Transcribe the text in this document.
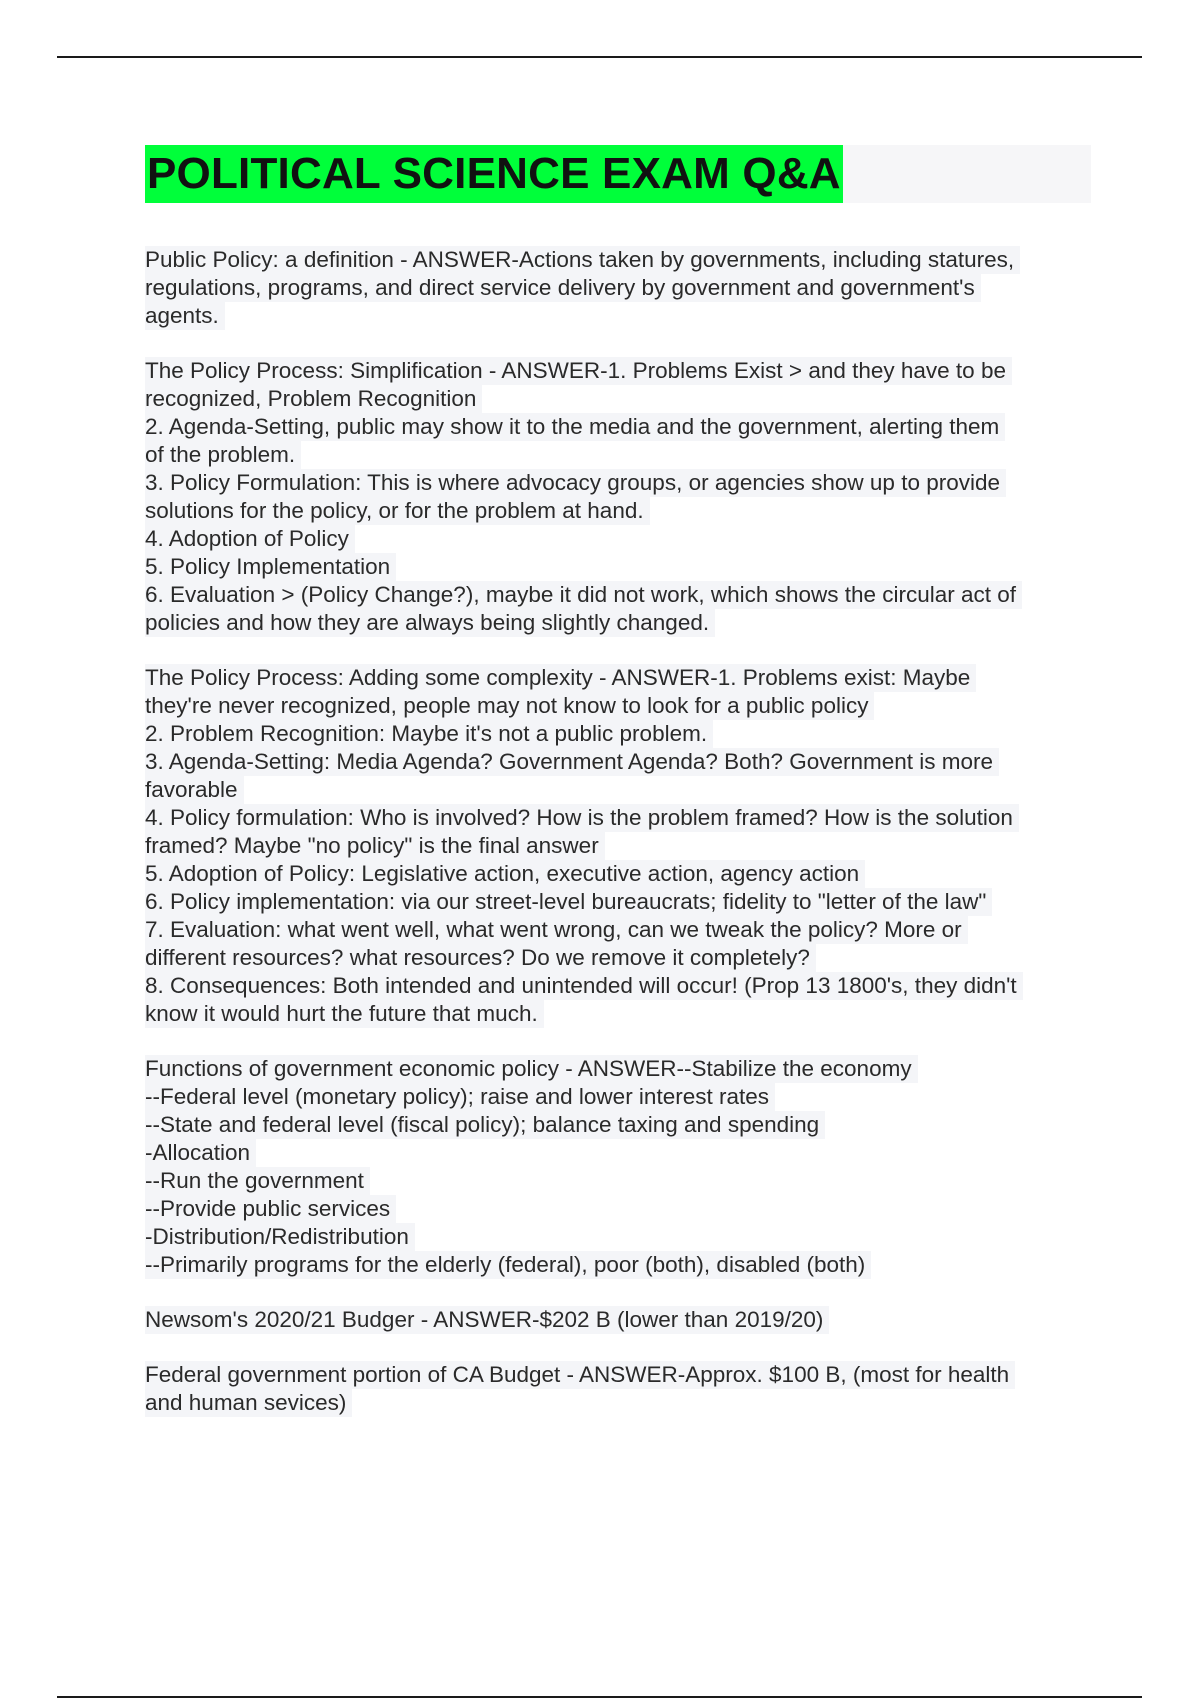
POLITICAL SCIENCE EXAM Q&A
Public Policy: a definition - ANSWER-Actions taken by governments, including statures,
regulations, programs, and direct service delivery by government and government's
agents.
The Policy Process: Simplification - ANSWER-1. Problems Exist > and they have to be
recognized, Problem Recognition
2. Agenda-Setting, public may show it to the media and the government, alerting them
of the problem.
3. Policy Formulation: This is where advocacy groups, or agencies show up to provide
solutions for the policy, or for the problem at hand.
4. Adoption of Policy
5. Policy Implementation
6. Evaluation > (Policy Change?), maybe it did not work, which shows the circular act of
policies and how they are always being slightly changed.
The Policy Process: Adding some complexity - ANSWER-1. Problems exist: Maybe
they're never recognized, people may not know to look for a public policy
2. Problem Recognition: Maybe it's not a public problem.
3. Agenda-Setting: Media Agenda? Government Agenda? Both? Government is more
favorable
4. Policy formulation: Who is involved? How is the problem framed? How is the solution
framed? Maybe "no policy" is the final answer
5. Adoption of Policy: Legislative action, executive action, agency action
6. Policy implementation: via our street-level bureaucrats; fidelity to "letter of the law"
7. Evaluation: what went well, what went wrong, can we tweak the policy? More or
different resources? what resources? Do we remove it completely?
8. Consequences: Both intended and unintended will occur! (Prop 13 1800's, they didn't
know it would hurt the future that much.
Functions of government economic policy - ANSWER--Stabilize the economy
--Federal level (monetary policy); raise and lower interest rates
--State and federal level (fiscal policy); balance taxing and spending
-Allocation
--Run the government
--Provide public services
-Distribution/Redistribution
--Primarily programs for the elderly (federal), poor (both), disabled (both)
Newsom's 2020/21 Budger - ANSWER-$202 B (lower than 2019/20)
Federal government portion of CA Budget - ANSWER-Approx. $100 B, (most for health
and human sevices)
